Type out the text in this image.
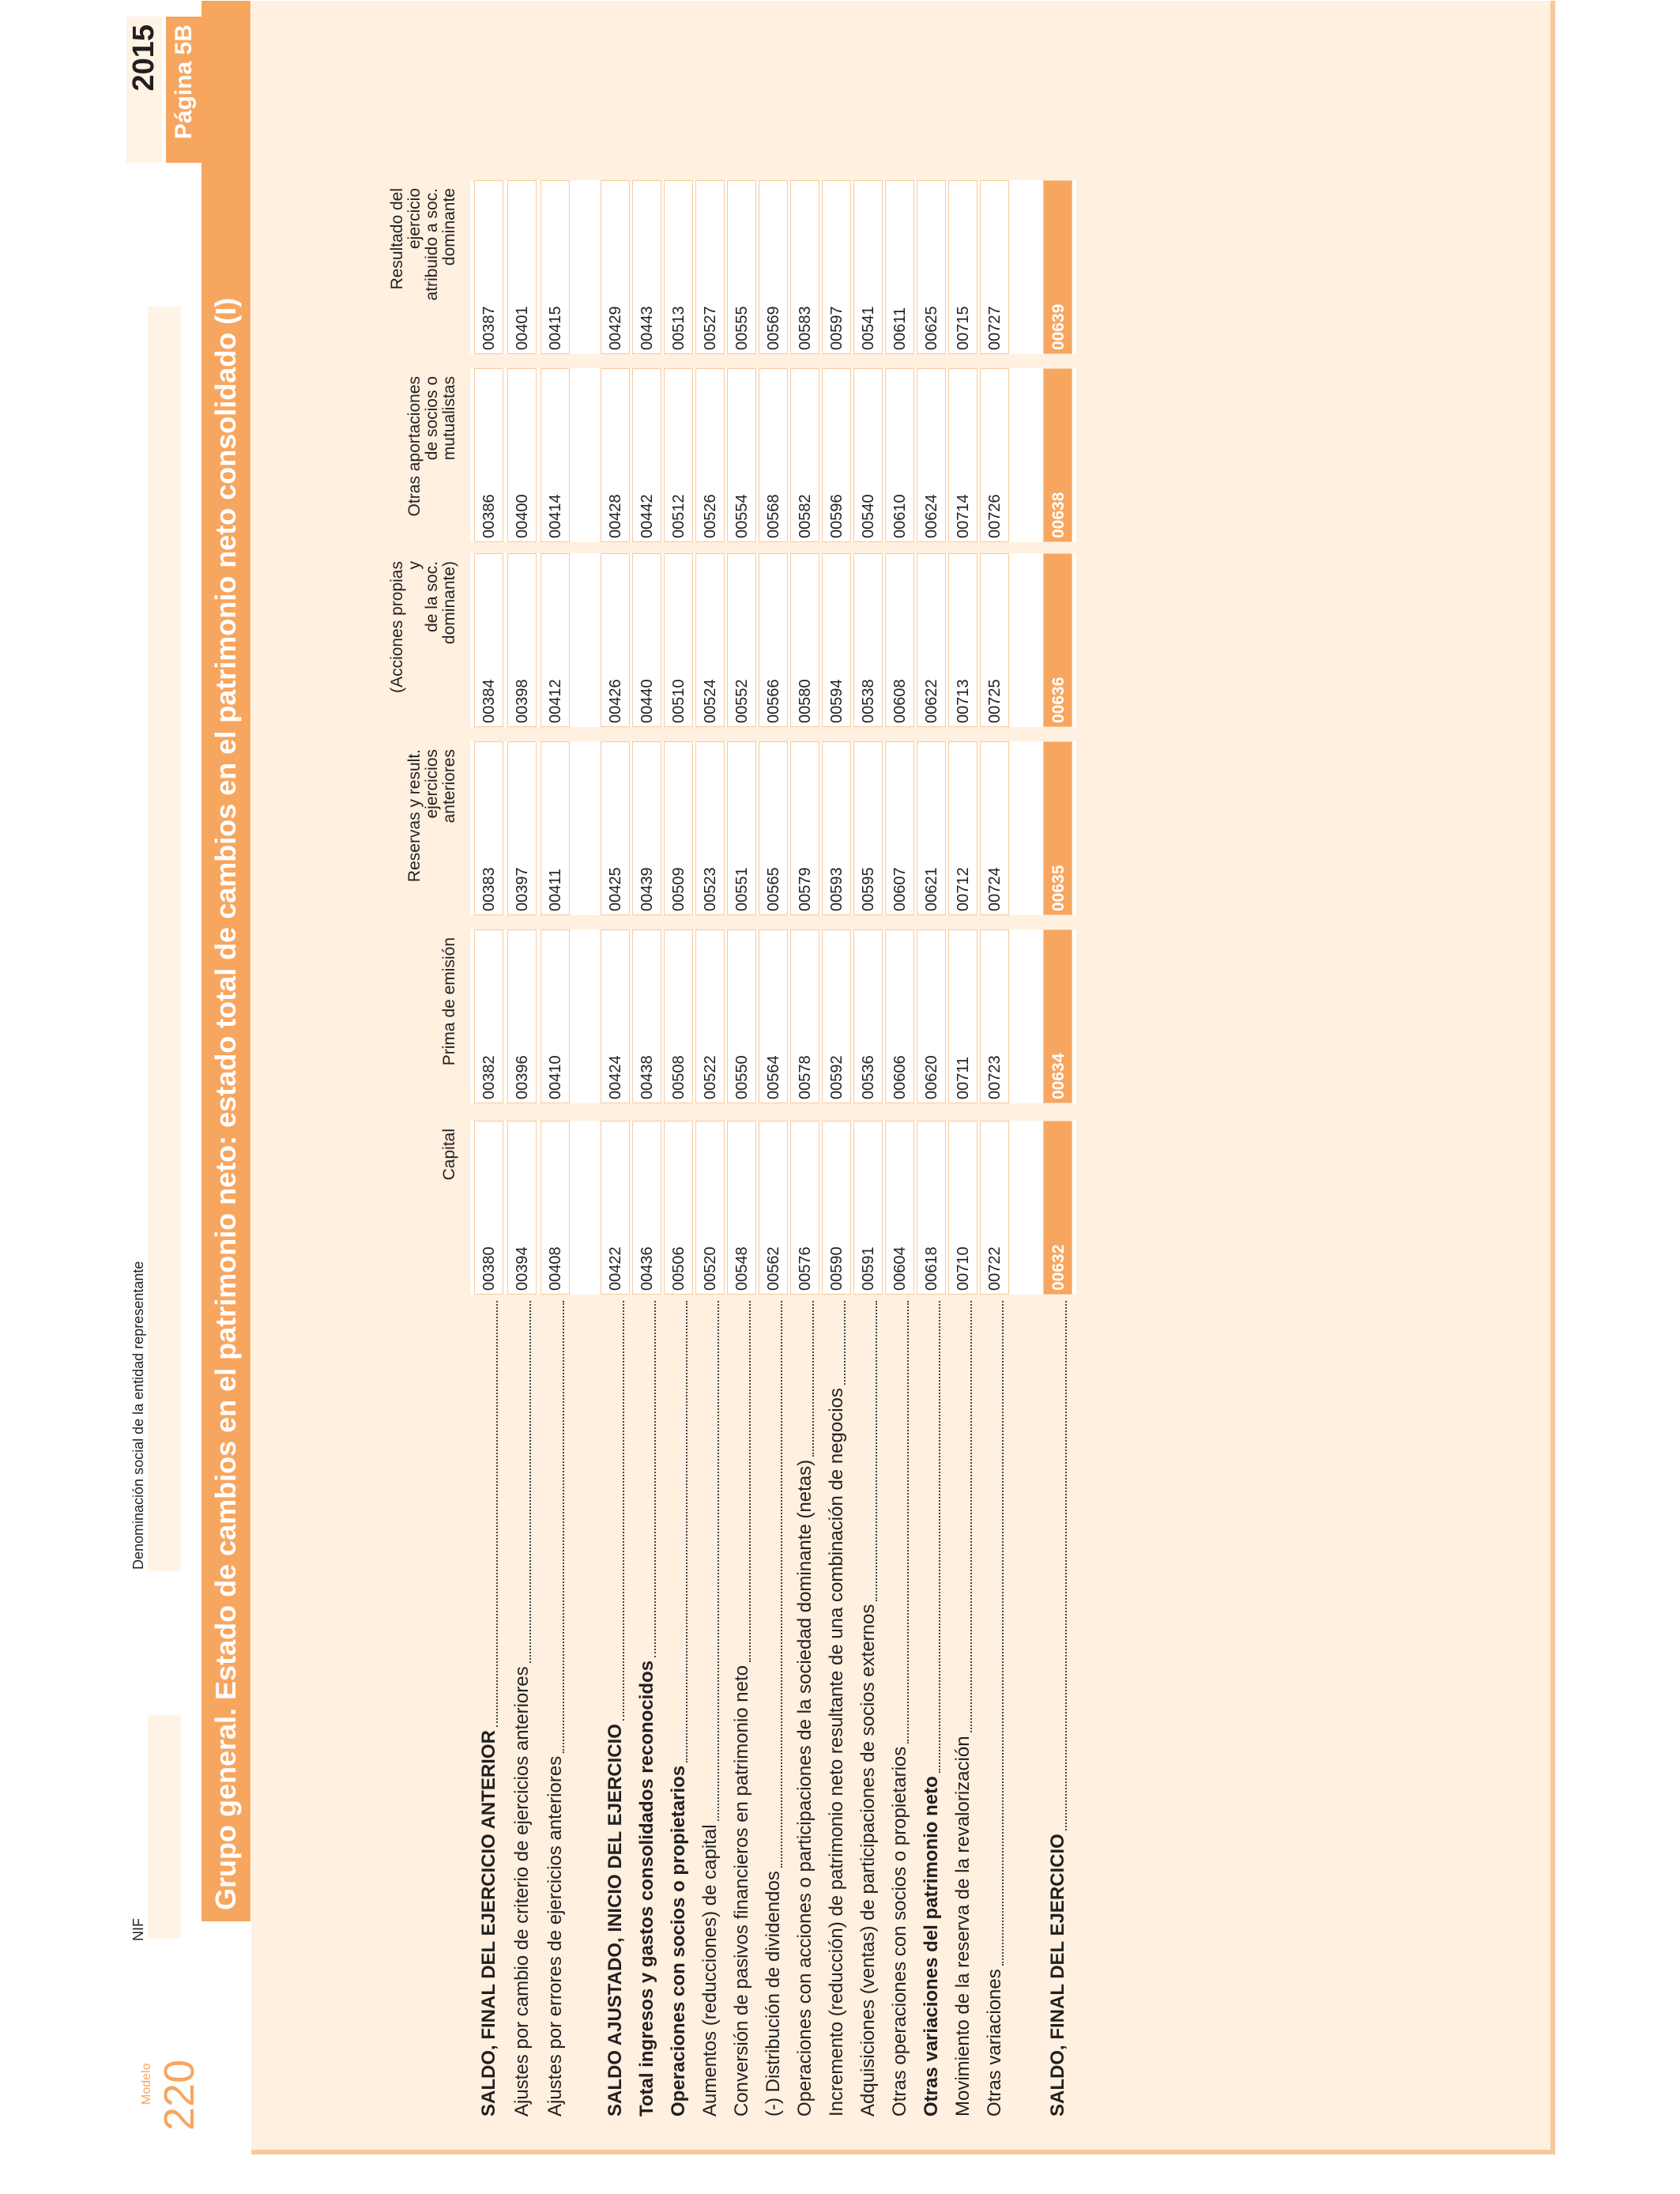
Modelo 220
NIF
Denominación social de la entidad representante
2015 Página 5B
Grupo general. Estado de cambios en el patrimonio neto: estado total de cambios en el patrimonio neto consolidado (I)	Capital
Prima de emisión
Reservas y result. ejercicios anteriores
(Acciones propias y de la soc. dominante)
Otras aportaciones de socios o mutualistas
Resultado del ejercicio atribuido a soc. dominante
SALDO, FINAL DEL EJERCICIO ANTERIOR
00380
00382
00383
00384
00386
00387
Ajustes por cambio de criterio de ejercicios anteriores
00394
00396
00397
00398
00400
00401
Ajustes por errores de ejercicios anteriores
00408
00410
00411
00412
00414
00415
SALDO AJUSTADO, INICIO DEL EJERCICIO
00422
00424
00425
00426
00428
00429
Total ingresos y gastos consolidados reconocidos
00436
00438
00439
00440
00442
00443
Operaciones con socios o propietarios
00506
00508
00509
00510
00512
00513
Aumentos (reducciones) de capital
00520
00522
00523
00524
00526
00527
Conversión de pasivos financieros en patrimonio neto
00548
00550
00551
00552
00554
00555
(-) Distribución de dividendos
00562
00564
00565
00566
00568
00569
Operaciones con acciones o participaciones de la sociedad dominante (netas)
00576
00578
00579
00580
00582
00583
Incremento (reducción) de patrimonio neto resultante de una combinación de negocios
00590
00592
00593
00594
00596
00597
Adquisiciones (ventas) de participaciones de socios externos
00591
00536
00595
00538
00540
00541
Otras operaciones con socios o propietarios
00604
00606
00607
00608
00610
00611
Otras variaciones del patrimonio neto
00618
00620
00621
00622
00624
00625
Movimiento de la reserva de la revalorización
00710
00711
00712
00713
00714
00715
Otras variaciones
00722
00723
00724
00725
00726
00727
SALDO, FINAL DEL EJERCICIO
00632
00634
00635
00636
00638
00639
